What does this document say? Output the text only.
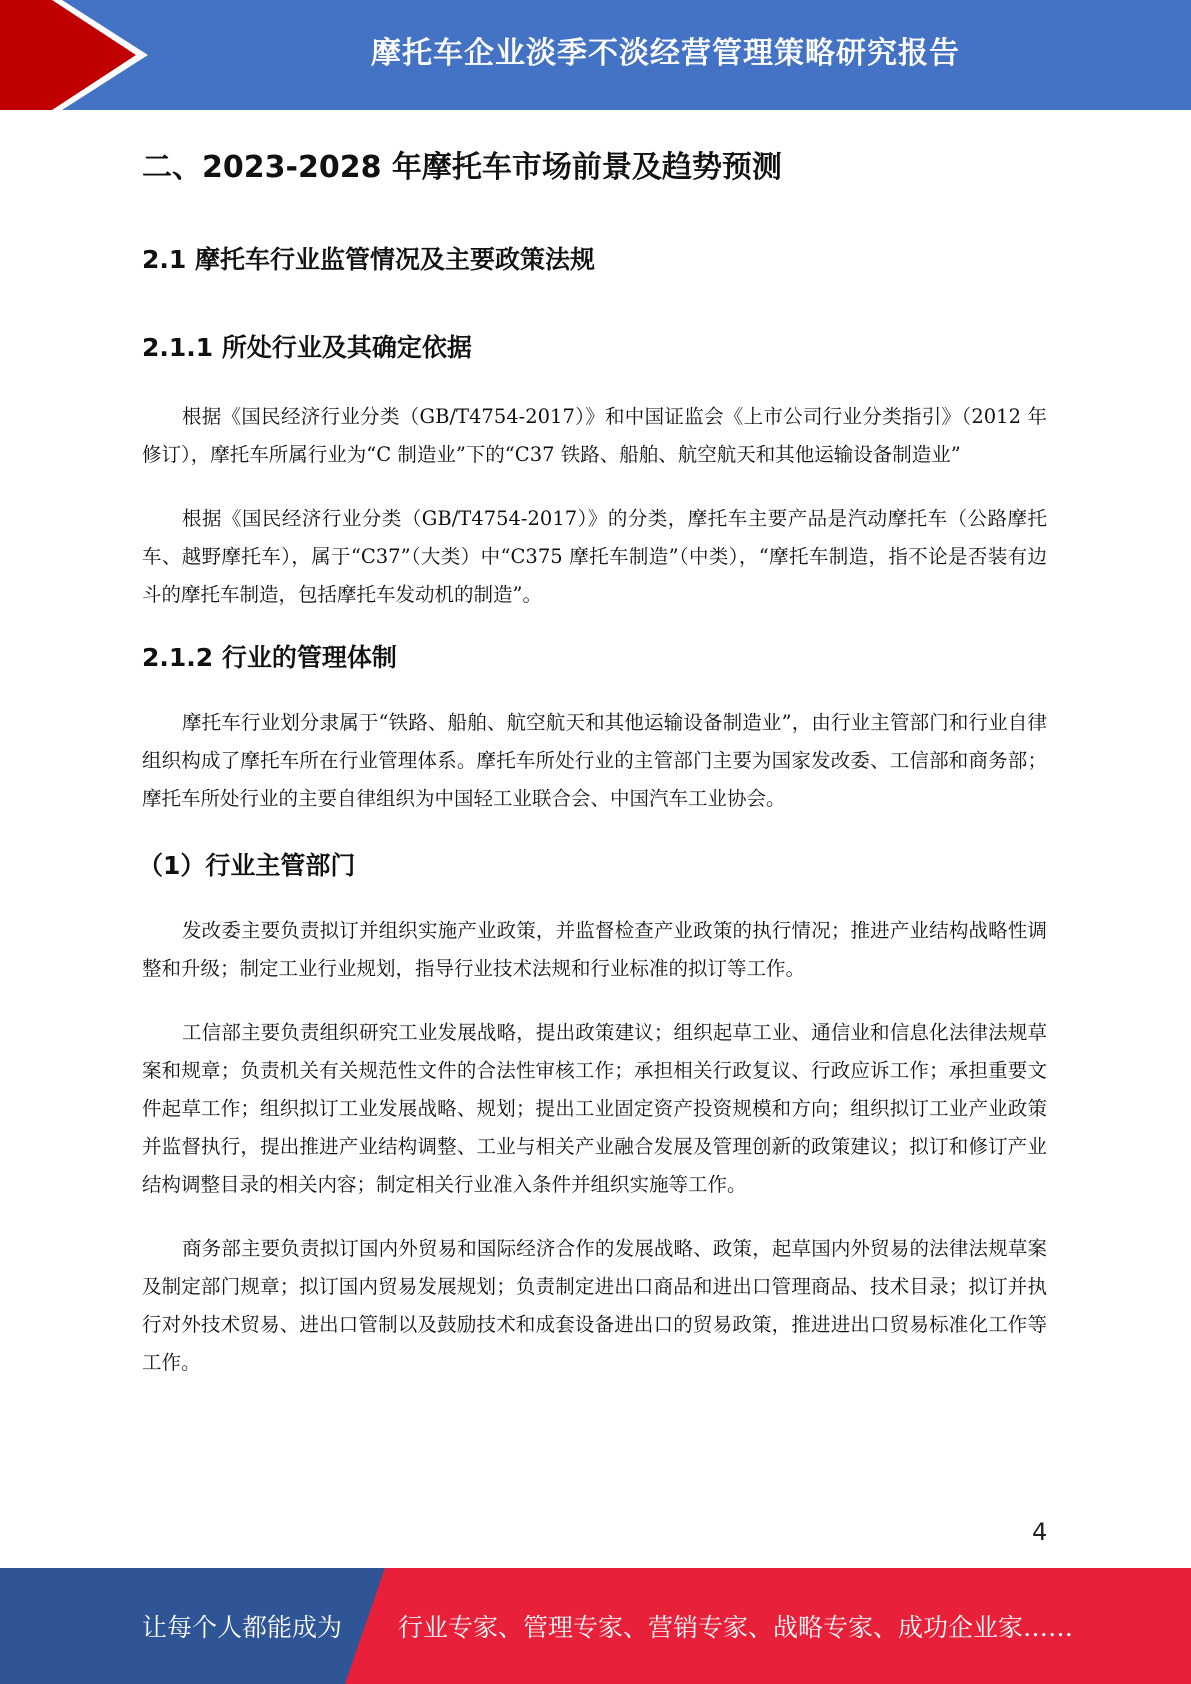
摩托车企业淡季不淡经营管理策略研究报告
二、2023-2028 年摩托车市场前景及趋势预测
2.1 摩托车行业监管情况及主要政策法规
2.1.1 所处行业及其确定依据

根据《国民经济行业分类（GB/T4754-2017）》和中国证监会《上市公司行业分类指引》（2012 年修订），摩托车所属行业为“C 制造业”下的“C37 铁路、船舶、航空航天和其他运输设备制造业”

根据《国民经济行业分类（GB/T4754-2017）》的分类，摩托车主要产品是汽动摩托车（公路摩托车、越野摩托车），属于“C37”（大类）中“C375 摩托车制造”（中类），“摩托车制造，指不论是否装有边斗的摩托车制造，包括摩托车发动机的制造”。

2.1.2 行业的管理体制

摩托车行业划分隶属于“铁路、船舶、航空航天和其他运输设备制造业”，由行业主管部门和行业自律组织构成了摩托车所在行业管理体系。摩托车所处行业的主管部门主要为国家发改委、工信部和商务部；摩托车所处行业的主要自律组织为中国轻工业联合会、中国汽车工业协会。

（1）行业主管部门

发改委主要负责拟订并组织实施产业政策，并监督检查产业政策的执行情况；推进产业结构战略性调整和升级；制定工业行业规划，指导行业技术法规和行业标准的拟订等工作。

工信部主要负责组织研究工业发展战略，提出政策建议；组织起草工业、通信业和信息化法律法规草案和规章；负责机关有关规范性文件的合法性审核工作；承担相关行政复议、行政应诉工作；承担重要文件起草工作；组织拟订工业发展战略、规划；提出工业固定资产投资规模和方向；组织拟订工业产业政策并监督执行，提出推进产业结构调整、工业与相关产业融合发展及管理创新的政策建议；拟订和修订产业结构调整目录的相关内容；制定相关行业准入条件并组织实施等工作。

商务部主要负责拟订国内外贸易和国际经济合作的发展战略、政策，起草国内外贸易的法律法规草案及制定部门规章；拟订国内贸易发展规划；负责制定进出口商品和进出口管理商品、技术目录；拟订并执行对外技术贸易、进出口管制以及鼓励技术和成套设备进出口的贸易政策，推进进出口贸易标准化工作等工作。

4
让每个人都能成为 行业专家、管理专家、营销专家、战略专家、成功企业家……
